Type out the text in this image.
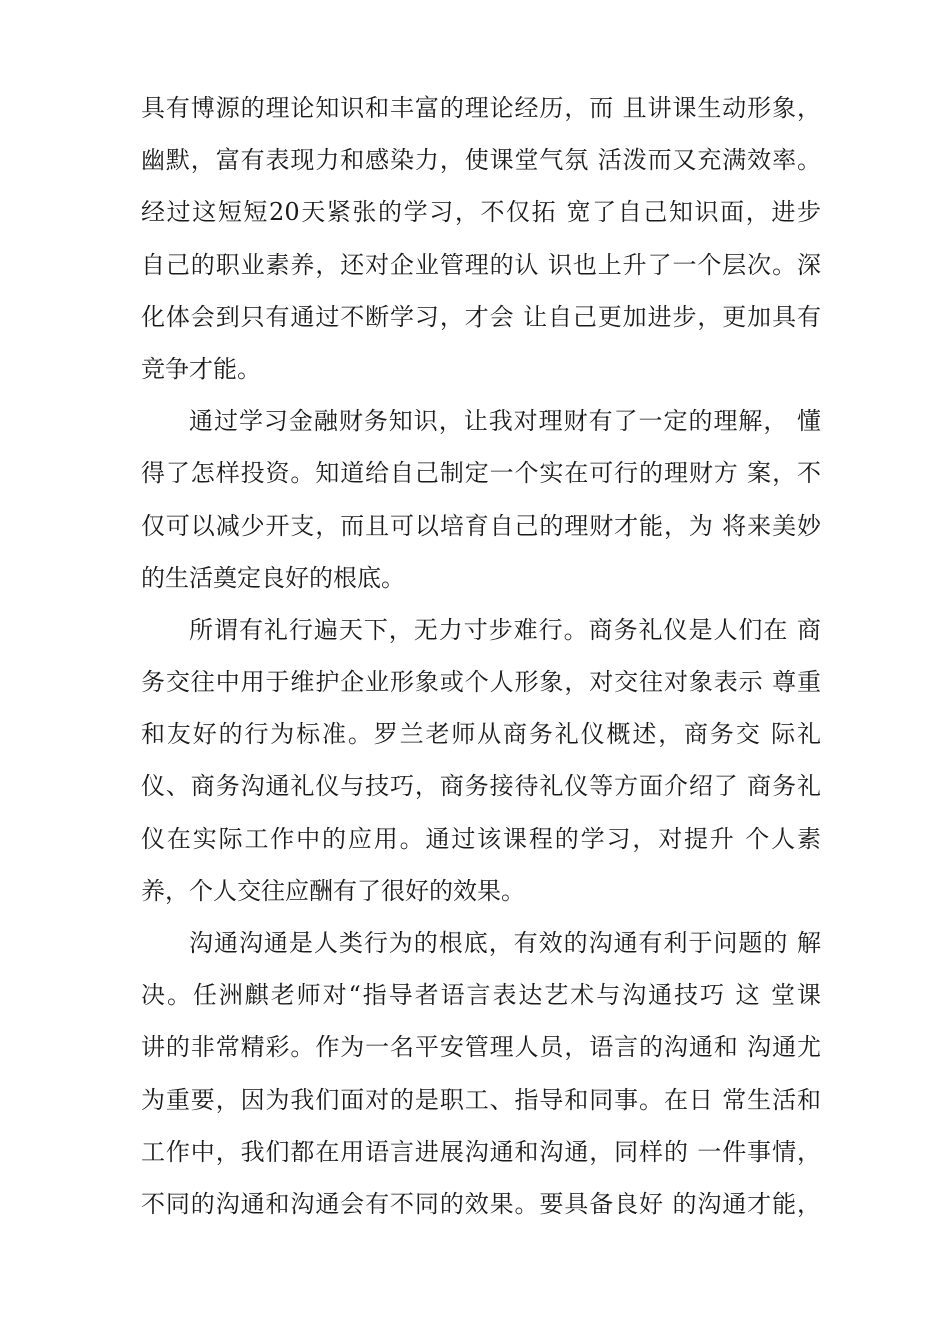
具有博源的理论知识和丰富的理论经历，而 且讲课生动形象，
幽默，富有表现力和感染力，使课堂气氛 活泼而又充满效率。
经过这短短20天紧张的学习，不仅拓 宽了自己知识面，进步
自己的职业素养，还对企业管理的认 识也上升了一个层次。深
化体会到只有通过不断学习，才会 让自己更加进步，更加具有
竞争才能。
通过学习金融财务知识，让我对理财有了一定的理解， 懂
得了怎样投资。知道给自己制定一个实在可行的理财方 案，不
仅可以减少开支，而且可以培育自己的理财才能，为 将来美妙
的生活奠定良好的根底。
所谓有礼行遍天下，无力寸步难行。商务礼仪是人们在 商
务交往中用于维护企业形象或个人形象，对交往对象表示 尊重
和友好的行为标准。罗兰老师从商务礼仪概述，商务交 际礼
仪、商务沟通礼仪与技巧，商务接待礼仪等方面介绍了 商务礼
仪在实际工作中的应用。通过该课程的学习，对提升 个人素
养，个人交往应酬有了很好的效果。
沟通沟通是人类行为的根底，有效的沟通有利于问题的 解
决。任洲麒老师对“指导者语言表达艺术与沟通技巧 这 堂课
讲的非常精彩。作为一名平安管理人员，语言的沟通和 沟通尤
为重要，因为我们面对的是职工、指导和同事。在日 常生活和
工作中，我们都在用语言进展沟通和沟通，同样的 一件事情，
不同的沟通和沟通会有不同的效果。要具备良好 的沟通才能，
